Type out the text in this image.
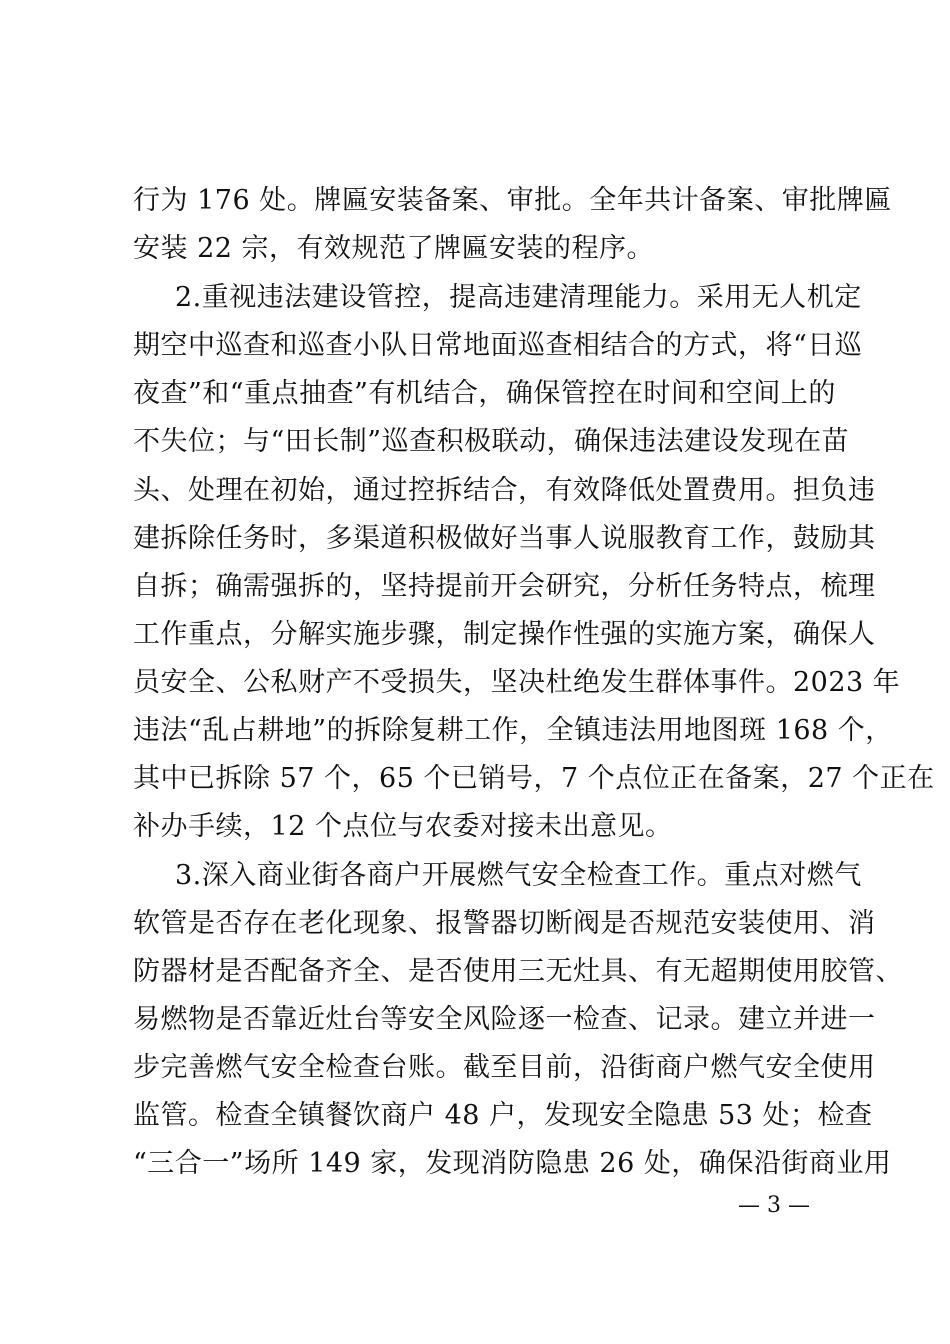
行为 176 处。牌匾安装备案、审批。全年共计备案、审批牌匾
安装 22 宗，有效规范了牌匾安装的程序。
2.重视违法建设管控，提高违建清理能力。采用无人机定
期空中巡查和巡查小队日常地面巡查相结合的方式，将“日巡
夜查”和“重点抽查”有机结合，确保管控在时间和空间上的
不失位；与“田长制”巡查积极联动，确保违法建设发现在苗
头、处理在初始，通过控拆结合，有效降低处置费用。担负违
建拆除任务时，多渠道积极做好当事人说服教育工作，鼓励其
自拆；确需强拆的，坚持提前开会研究，分析任务特点，梳理
工作重点，分解实施步骤，制定操作性强的实施方案，确保人
员安全、公私财产不受损失，坚决杜绝发生群体事件。2023 年
违法“乱占耕地”的拆除复耕工作，全镇违法用地图斑 168 个，
其中已拆除 57 个，65 个已销号，7 个点位正在备案，27 个正在
补办手续，12 个点位与农委对接未出意见。
3.深入商业街各商户开展燃气安全检查工作。重点对燃气
软管是否存在老化现象、报警器切断阀是否规范安装使用、消
防器材是否配备齐全、是否使用三无灶具、有无超期使用胶管、
易燃物是否靠近灶台等安全风险逐一检查、记录。建立并进一
步完善燃气安全检查台账。截至目前，沿街商户燃气安全使用
监管。检查全镇餐饮商户 48 户，发现安全隐患 53 处；检查
“三合一”场所 149 家，发现消防隐患 26 处，确保沿街商业用
— 3 —
